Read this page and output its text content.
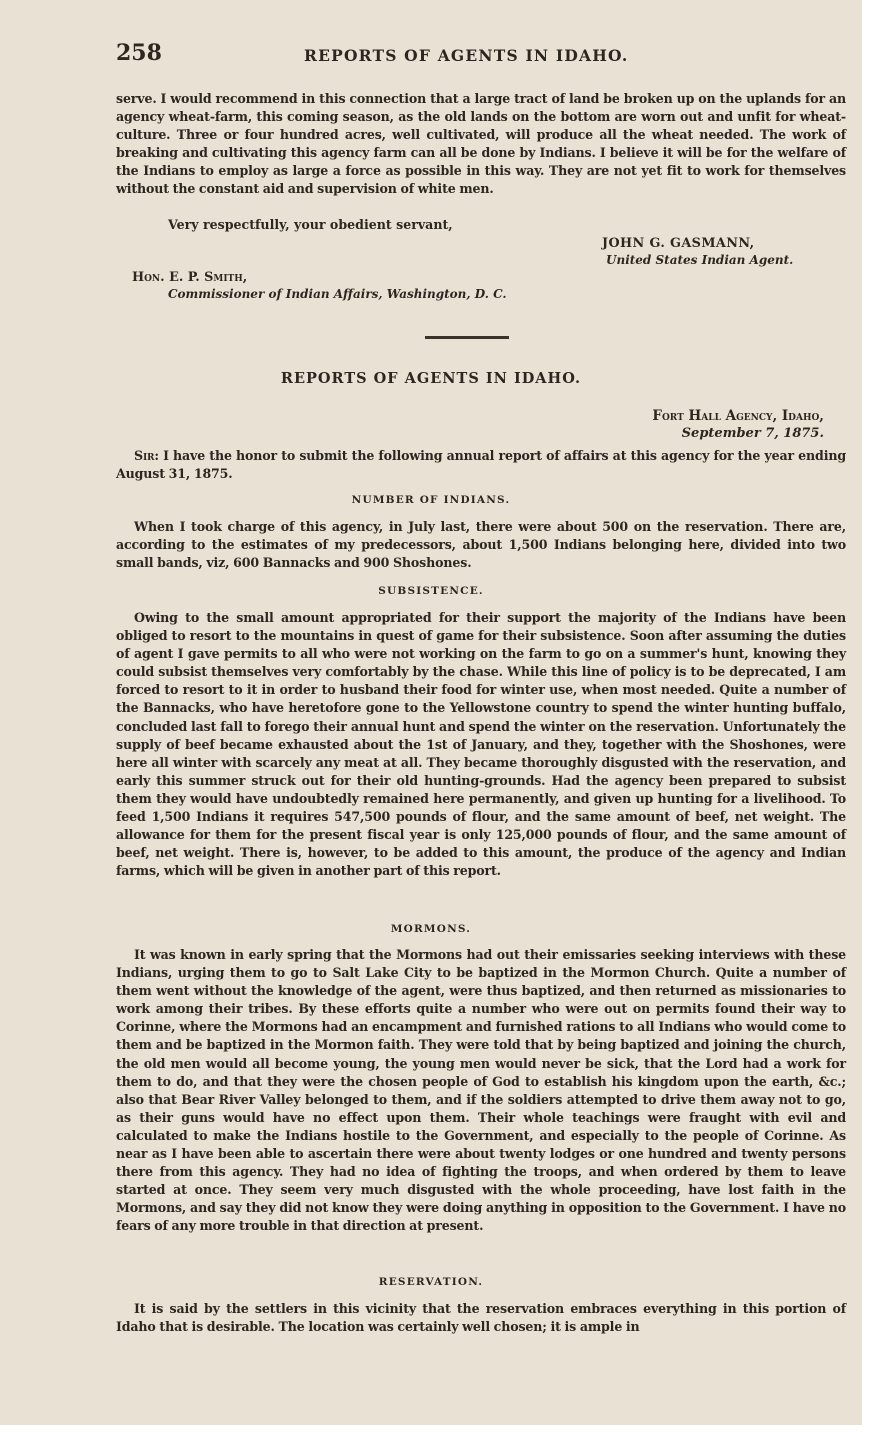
258	REPORTS OF AGENTS IN IDAHO.

serve. I would recommend in this connection that a large tract of land be broken up on the uplands for an agency wheat-farm, this coming season, as the old lands on the bottom are worn out and unfit for wheat-culture. Three or four hundred acres, well cultivated, will produce all the wheat needed. The work of breaking and cultivating this agency farm can all be done by Indians. I believe it will be for the welfare of the Indians to employ as large a force as possible in this way. They are not yet fit to work for themselves without the constant aid and supervision of white men.

Very respectfully, your obedient servant,

JOHN G. GASMANN,

United States Indian Agent.

Hon. E. P. Smith,

Commissioner of Indian Affairs, Washington, D. C.

REPORTS OF AGENTS IN IDAHO.

Fort Hall Agency, Idaho,

September 7, 1875.

Sir: I have the honor to submit the following annual report of affairs at this agency for the year ending August 31, 1875.

NUMBER OF INDIANS.

When I took charge of this agency, in July last, there were about 500 on the reservation. There are, according to the estimates of my predecessors, about 1,500 Indians belonging here, divided into two small bands, viz, 600 Bannacks and 900 Shoshones.

SUBSISTENCE.

Owing to the small amount appropriated for their support the majority of the Indians have been obliged to resort to the mountains in quest of game for their subsistence. Soon after assuming the duties of agent I gave permits to all who were not working on the farm to go on a summer's hunt, knowing they could subsist themselves very comfortably by the chase. While this line of policy is to be deprecated, I am forced to resort to it in order to husband their food for winter use, when most needed. Quite a number of the Bannacks, who have heretofore gone to the Yellowstone country to spend the winter hunting buffalo, concluded last fall to forego their annual hunt and spend the winter on the reservation. Unfortunately the supply of beef became exhausted about the 1st of January, and they, together with the Shoshones, were here all winter with scarcely any meat at all. They became thoroughly disgusted with the reservation, and early this summer struck out for their old hunting-grounds. Had the agency been prepared to subsist them they would have undoubtedly remained here permanently, and given up hunting for a livelihood. To feed 1,500 Indians it requires 547,500 pounds of flour, and the same amount of beef, net weight. The allowance for them for the present fiscal year is only 125,000 pounds of flour, and the same amount of beef, net weight. There is, however, to be added to this amount, the produce of the agency and Indian farms, which will be given in another part of this report.

MORMONS.

It was known in early spring that the Mormons had out their emissaries seeking interviews with these Indians, urging them to go to Salt Lake City to be baptized in the Mormon Church. Quite a number of them went without the knowledge of the agent, were thus baptized, and then returned as missionaries to work among their tribes. By these efforts quite a number who were out on permits found their way to Corinne, where the Mormons had an encampment and furnished rations to all Indians who would come to them and be baptized in the Mormon faith. They were told that by being baptized and joining the church, the old men would all become young, the young men would never be sick, that the Lord had a work for them to do, and that they were the chosen people of God to establish his kingdom upon the earth, &c.; also that Bear River Valley belonged to them, and if the soldiers attempted to drive them away not to go, as their guns would have no effect upon them. Their whole teachings were fraught with evil and calculated to make the Indians hostile to the Government, and especially to the people of Corinne. As near as I have been able to ascertain there were about twenty lodges or one hundred and twenty persons there from this agency. They had no idea of fighting the troops, and when ordered by them to leave started at once. They seem very much disgusted with the whole proceeding, have lost faith in the Mormons, and say they did not know they were doing anything in opposition to the Government. I have no fears of any more trouble in that direction at present.

RESERVATION.

It is said by the settlers in this vicinity that the reservation embraces everything in this portion of Idaho that is desirable. The location was certainly well chosen; it is ample in
